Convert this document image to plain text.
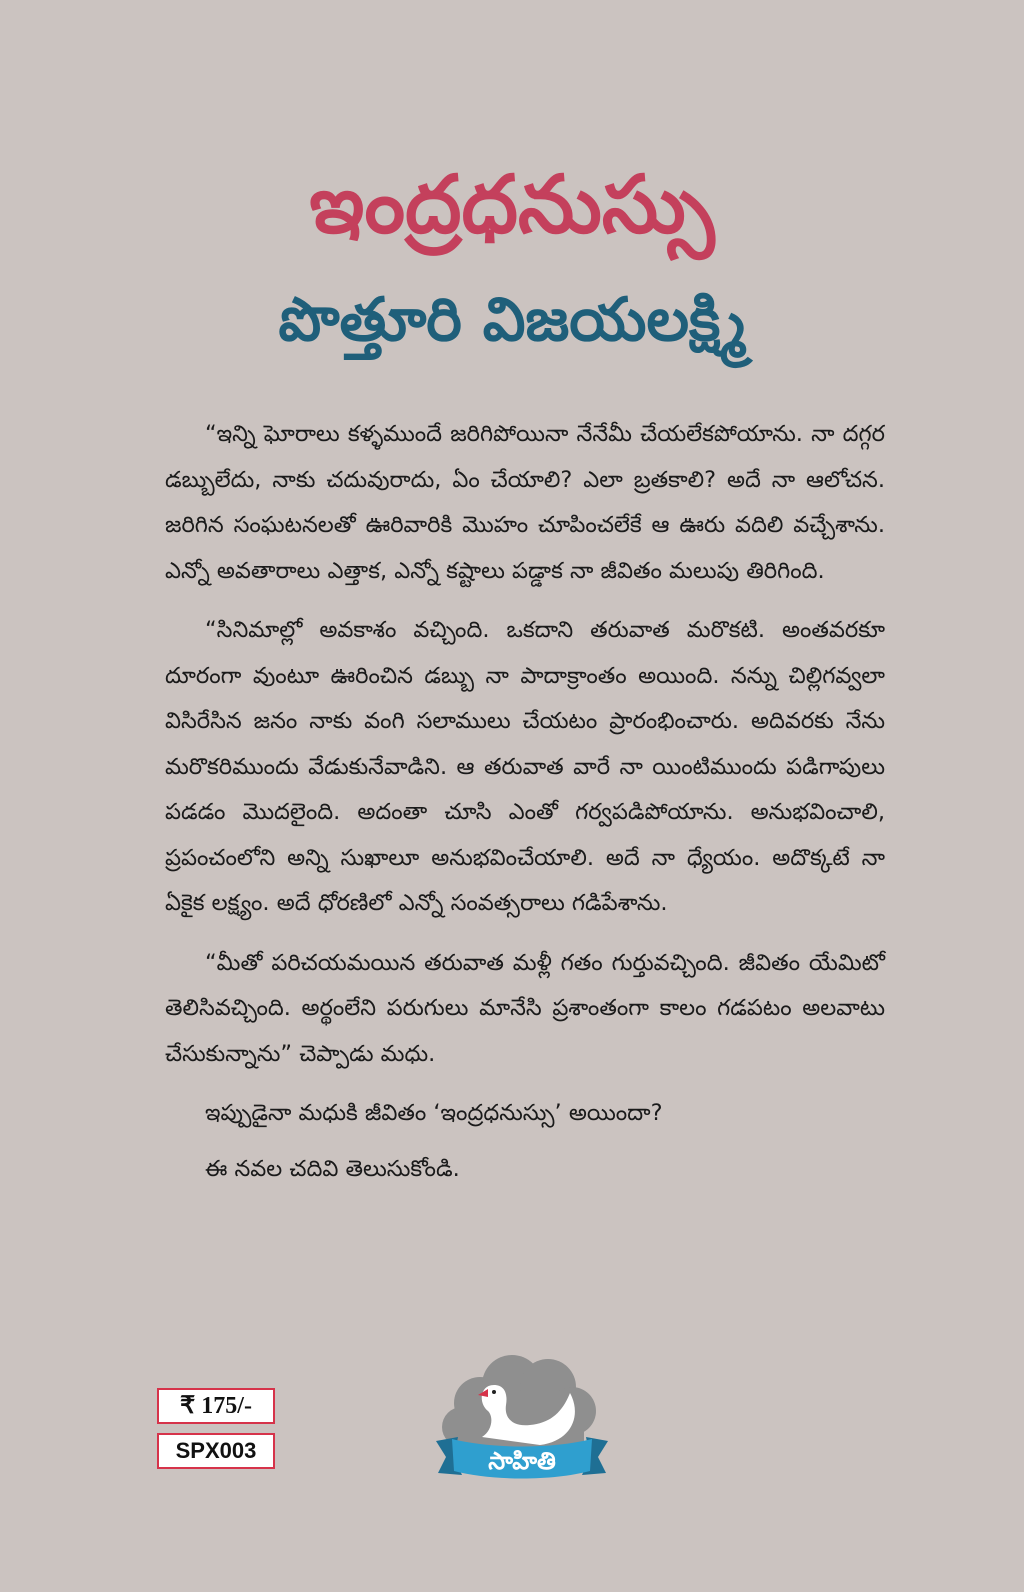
ఇంద్రధనుస్సు
పొత్తూరి విజయలక్ష్మి

“ఇన్ని ఘోరాలు కళ్ళముందే జరిగిపోయినా నేనేమీ చేయలేకపోయాను. నా దగ్గర డబ్బులేదు, నాకు చదువురాదు, ఏం చేయాలి? ఎలా బ్రతకాలి? అదే నా ఆలోచన. జరిగిన సంఘటనలతో ఊరివారికి మొహం చూపించలేకే ఆ ఊరు వదిలి వచ్చేశాను. ఎన్నో అవతారాలు ఎత్తాక, ఎన్నో కష్టాలు పడ్డాక నా జీవితం మలుపు తిరిగింది.

“సినిమాల్లో అవకాశం వచ్చింది. ఒకదాని తరువాత మరొకటి. అంతవరకూ దూరంగా వుంటూ ఊరించిన డబ్బు నా పాదాక్రాంతం అయింది. నన్ను చిల్లిగవ్వలా విసిరేసిన జనం నాకు వంగి సలాములు చేయటం ప్రారంభించారు. అదివరకు నేను మరొకరిముందు వేడుకునేవాడిని. ఆ తరువాత వారే నా యింటిముందు పడిగాపులు పడడం మొదలైంది. అదంతా చూసి ఎంతో గర్వపడిపోయాను. అనుభవించాలి, ప్రపంచంలోని అన్ని సుఖాలూ అనుభవించేయాలి. అదే నా ధ్యేయం. అదొక్కటే నా ఏకైక లక్ష్యం. అదే ధోరణిలో ఎన్నో సంవత్సరాలు గడిపేశాను.

“మీతో పరిచయమయిన తరువాత మళ్లీ గతం గుర్తువచ్చింది. జీవితం యేమిటో తెలిసివచ్చింది. అర్థంలేని పరుగులు మానేసి ప్రశాంతంగా కాలం గడపటం అలవాటు చేసుకున్నాను” చెప్పాడు మధు.

ఇప్పుడైనా మధుకి జీవితం ‘ఇంద్రధనుస్సు’ అయిందా?

ఈ నవల చదివి తెలుసుకోండి.

₹ 175/-
SPX003	సాహితి
